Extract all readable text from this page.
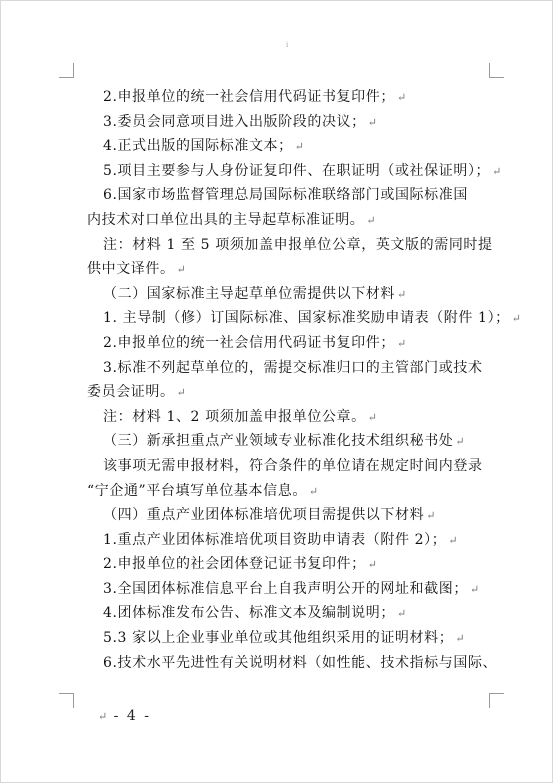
ⅰ
2.申报单位的统一社会信用代码证书复印件； ↵
3.委员会同意项目进入出版阶段的决议； ↵
4.正式出版的国际标准文本； ↵
5.项目主要参与人身份证复印件、在职证明（或社保证明）； ↵
6.国家市场监督管理总局国际标准联络部门或国际标准国
内技术对口单位出具的主导起草标准证明。 ↵
注：材料 1 至 5 项须加盖申报单位公章，英文版的需同时提
供中文译件。 ↵
（二）国家标准主导起草单位需提供以下材料 ↵
1. 主导制（修）订国际标准、国家标准奖励申请表（附件 1）； ↵
2.申报单位的统一社会信用代码证书复印件； ↵
3.标准不列起草单位的，需提交标准归口的主管部门或技术
委员会证明。 ↵
注：材料 1、2 项须加盖申报单位公章。 ↵
（三）新承担重点产业领域专业标准化技术组织秘书处 ↵
该事项无需申报材料，符合条件的单位请在规定时间内登录
“宁企通”平台填写单位基本信息。 ↵
（四）重点产业团体标准培优项目需提供以下材料 ↵
1.重点产业团体标准培优项目资助申请表（附件 2）； ↵
2.申报单位的社会团体登记证书复印件； ↵
3.全国团体标准信息平台上自我声明公开的网址和截图； ↵
4.团体标准发布公告、标准文本及编制说明； ↵
5.3 家以上企业事业单位或其他组织采用的证明材料； ↵
6.技术水平先进性有关说明材料（如性能、技术指标与国际、
↵ - 4 -
